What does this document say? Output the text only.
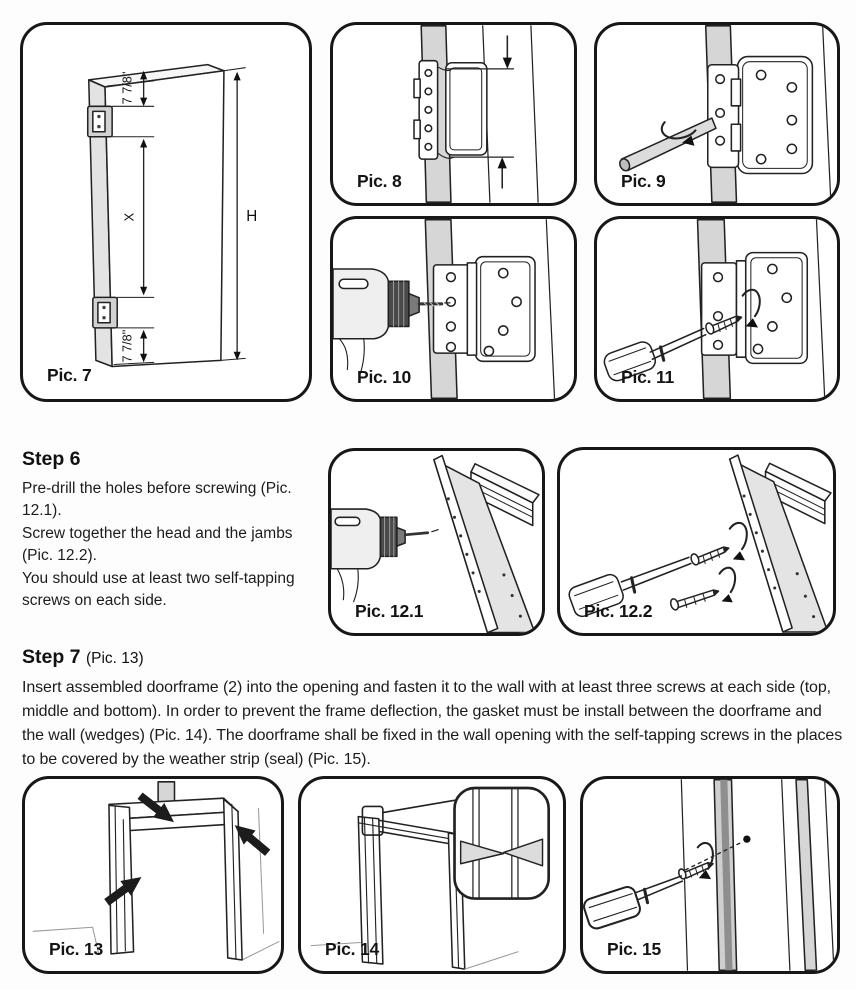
7 7/8"
X
7 7/8"
H
Pic. 7
Pic. 8	Pic. 9
Pic. 10	Pic. 11
Step 6
Pre-drill the holes before screwing (Pic. 12.1).
Screw together the head and the jambs
(Pic. 12.2).
You should use at least two self-tapping
screws on each side.
Pic. 12.1	Pic. 12.2
Step 7 (Pic. 13)

Insert assembled doorframe (2) into the opening and fasten it to the wall with at least three screws at each side (top, middle and bottom). In order to prevent the frame deflection, the gasket must be install between the doorframe and the wall (wedges) (Pic. 14). The doorframe shall be fixed in the wall opening with the self-tapping screws in the places to be covered by the weather strip (seal) (Pic. 15).

Pic. 13	Pic. 14	Pic. 15
